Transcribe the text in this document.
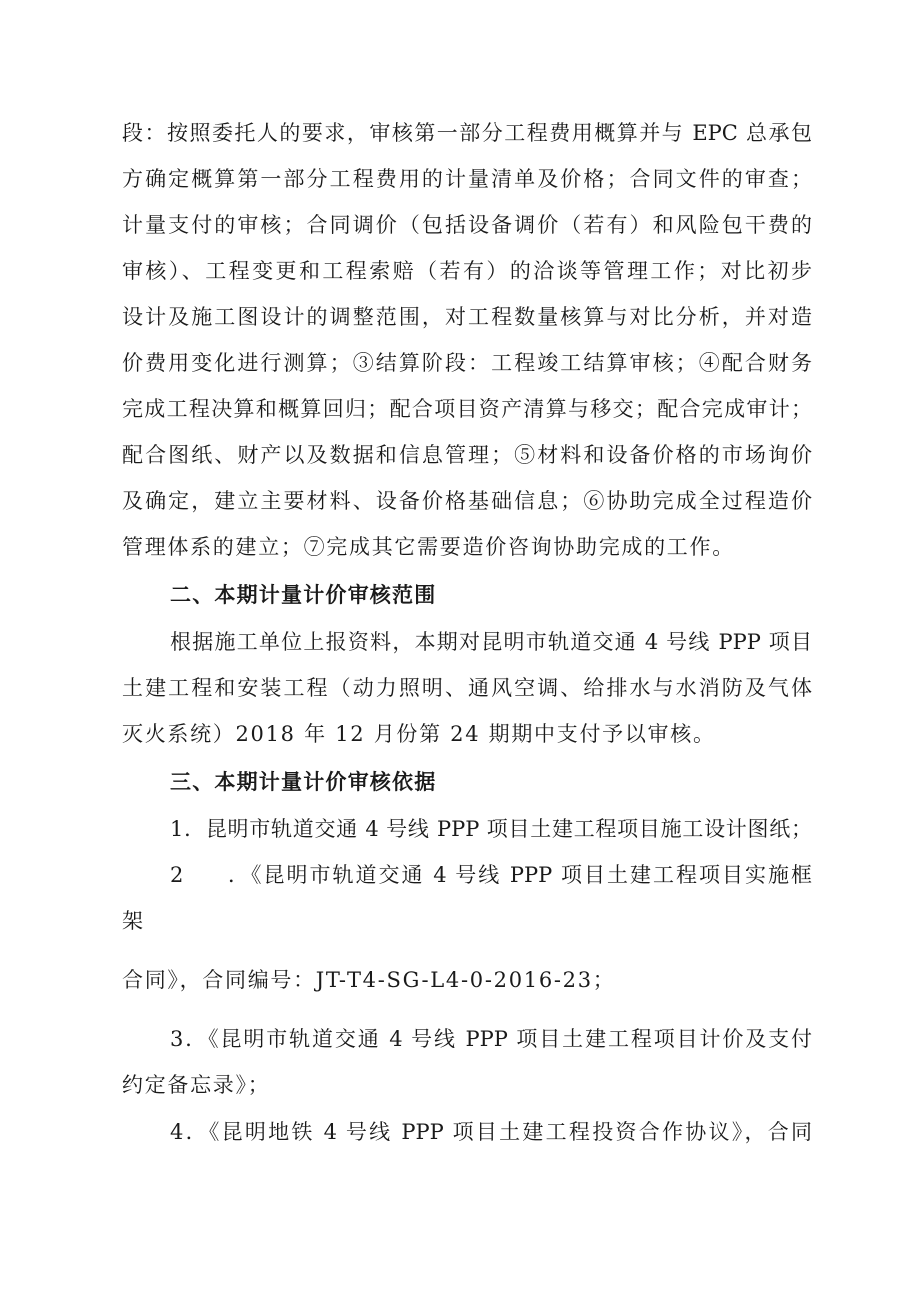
段：按照委托人的要求，审核第一部分工程费用概算并与 EPC 总承包
方确定概算第一部分工程费用的计量清单及价格；合同文件的审查；
计量支付的审核；合同调价（包括设备调价（若有）和风险包干费的
审核）、工程变更和工程索赔（若有）的洽谈等管理工作；对比初步
设计及施工图设计的调整范围，对工程数量核算与对比分析，并对造
价费用变化进行测算；③结算阶段：工程竣工结算审核；④配合财务
完成工程决算和概算回归；配合项目资产清算与移交；配合完成审计；
配合图纸、财产以及数据和信息管理；⑤材料和设备价格的市场询价
及确定，建立主要材料、设备价格基础信息；⑥协助完成全过程造价
管理体系的建立；⑦完成其它需要造价咨询协助完成的工作。
二、本期计量计价审核范围
根据施工单位上报资料，本期对昆明市轨道交通 4 号线 PPP 项目
土建工程和安装工程（动力照明、通风空调、给排水与水消防及气体
灭火系统）2018 年 12 月份第 24 期期中支付予以审核。
三、本期计量计价审核依据
1．昆明市轨道交通 4 号线 PPP 项目土建工程项目施工设计图纸；
2 ．《昆明市轨道交通 4 号线 PPP 项目土建工程项目实施框
架
合同》，合同编号：JT-T4-SG-L4-0-2016-23；
3．《昆明市轨道交通 4 号线 PPP 项目土建工程项目计价及支付
约定备忘录》；
4．《昆明地铁 4 号线 PPP 项目土建工程投资合作协议》，合同
